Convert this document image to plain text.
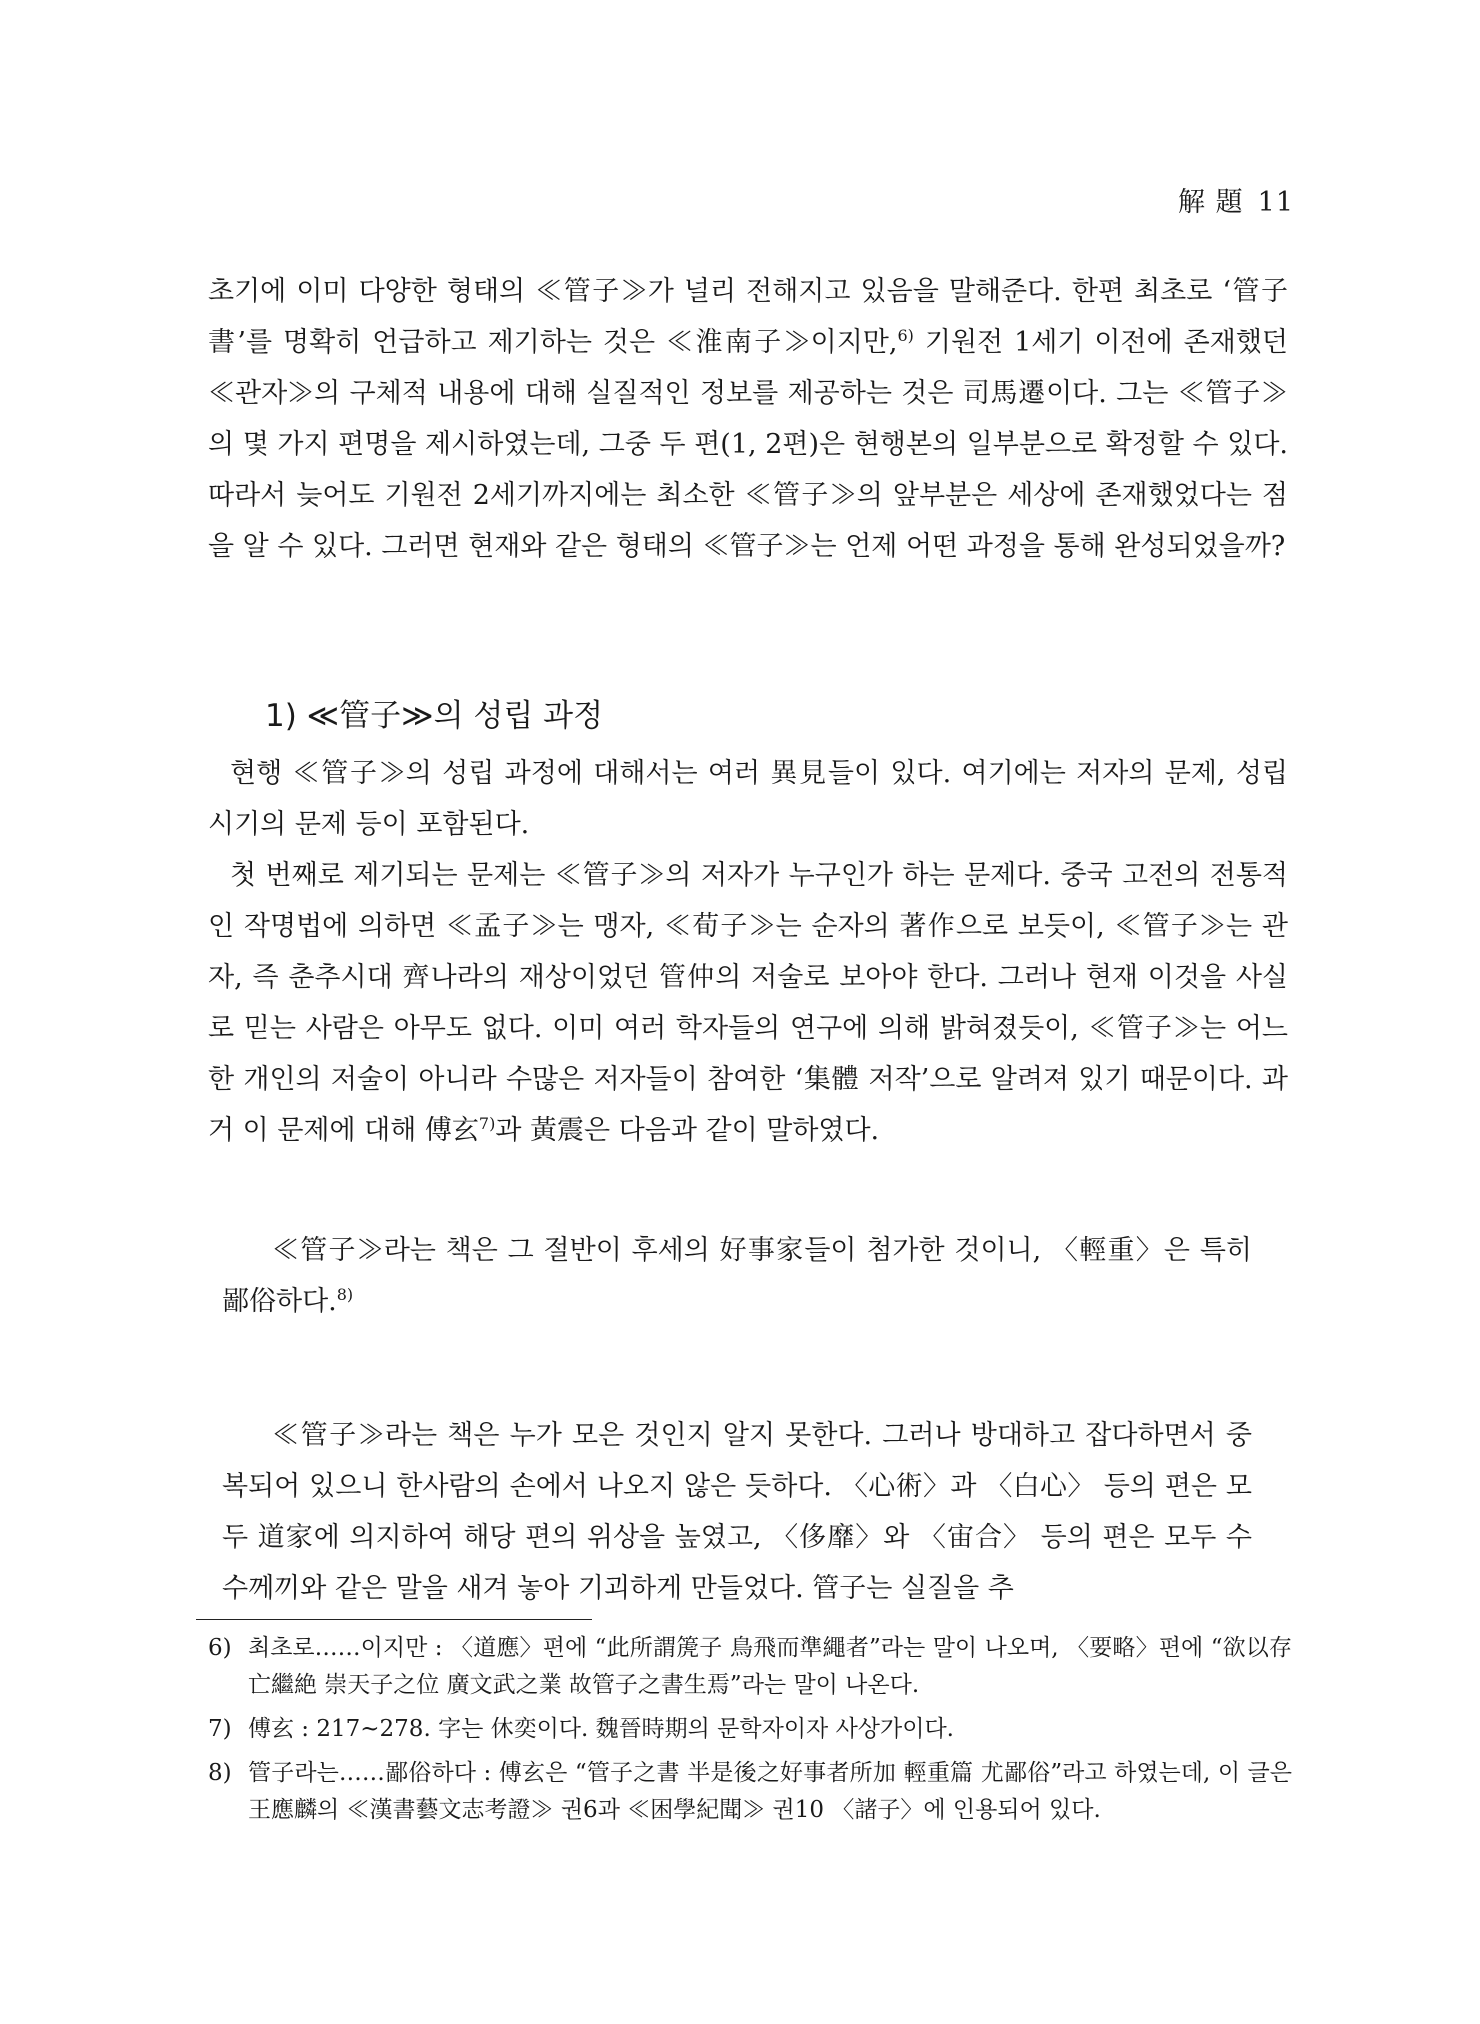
解 題 11

초기에 이미 다양한 형태의 ≪管子≫가 널리 전해지고 있음을 말해준다. 한편 최초로 ‘管子書’를 명확히 언급하고 제기하는 것은 ≪淮南子≫이지만,$^{6)}$ 기원전 1세기 이전에 존재했던 ≪관자≫의 구체적 내용에 대해 실질적인 정보를 제공하는 것은 司馬遷이다. 그는 ≪管子≫의 몇 가지 편명을 제시하였는데, 그중 두 편(1, 2편)은 현행본의 일부분으로 확정할 수 있다. 따라서 늦어도 기원전 2세기까지에는 최소한 ≪管子≫의 앞부분은 세상에 존재했었다는 점을 알 수 있다. 그러면 현재와 같은 형태의 ≪管子≫는 언제 어떤 과정을 통해 완성되었을까?

1) ≪管子≫의 성립 과정

현행 ≪管子≫의 성립 과정에 대해서는 여러 異見들이 있다. 여기에는 저자의 문제, 성립 시기의 문제 등이 포함된다.

첫 번째로 제기되는 문제는 ≪管子≫의 저자가 누구인가 하는 문제다. 중국 고전의 전통적인 작명법에 의하면 ≪孟子≫는 맹자, ≪荀子≫는 순자의 著作으로 보듯이, ≪管子≫는 관자, 즉 춘추시대 齊나라의 재상이었던 管仲의 저술로 보아야 한다. 그러나 현재 이것을 사실로 믿는 사람은 아무도 없다. 이미 여러 학자들의 연구에 의해 밝혀졌듯이, ≪管子≫는 어느 한 개인의 저술이 아니라 수많은 저자들이 참여한 ‘集體 저작’으로 알려져 있기 때문이다. 과거 이 문제에 대해 傅玄$^{7)}$과 黃震은 다음과 같이 말하였다.

≪管子≫라는 책은 그 절반이 후세의 好事家들이 첨가한 것이니, 〈輕重〉은 특히 鄙俗하다.$^{8)}$

≪管子≫라는 책은 누가 모은 것인지 알지 못한다. 그러나 방대하고 잡다하면서 중복되어 있으니 한사람의 손에서 나오지 않은 듯하다. 〈心術〉과 〈白心〉 등의 편은 모두 道家에 의지하여 해당 편의 위상을 높였고, 〈侈靡〉와 〈宙合〉 등의 편은 모두 수수께끼와 같은 말을 새겨 놓아 기괴하게 만들었다. 管子는 실질을 추

6) 최초로……이지만 : 〈道應〉편에 “此所謂箎子 鳥飛而準繩者”라는 말이 나오며, 〈要略〉편에 “欲以存亡繼絶 崇天子之位 廣文武之業 故管子之書生焉”라는 말이 나온다.
7) 傅玄 : 217~278. 字는 休奕이다. 魏晉時期의 문학자이자 사상가이다.
8) 管子라는……鄙俗하다 : 傅玄은 “管子之書 半是後之好事者所加 輕重篇 尤鄙俗”라고 하였는데, 이 글은 王應麟의 ≪漢書藝文志考證≫ 권6과 ≪困學紀聞≫ 권10 〈諸子〉에 인용되어 있다.
